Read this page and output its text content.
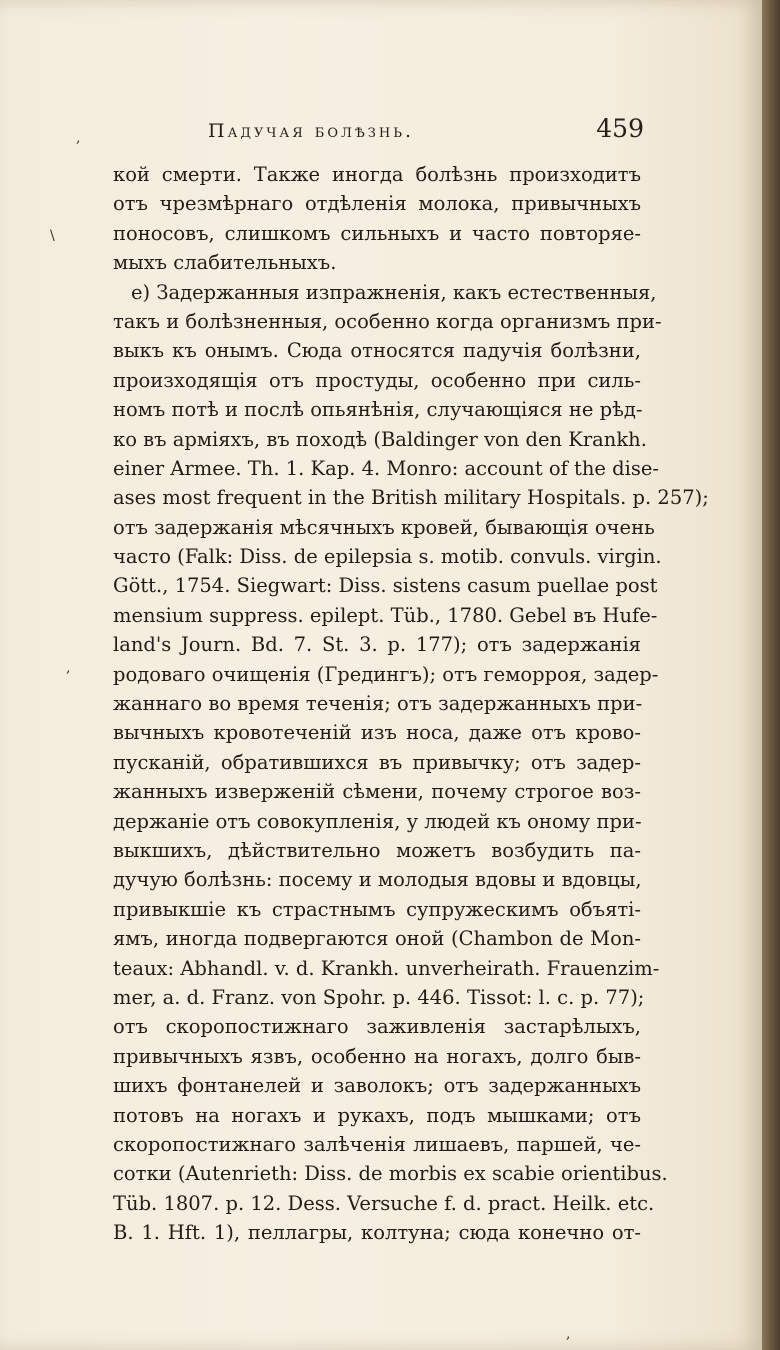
Падучая болѣзнь.	459
кой смерти. Также иногда болѣзнь произходитъ
отъ чрезмѣрнаго отдѣленія молока, привычныхъ
поносовъ, слишкомъ сильныхъ и часто повторяе-
мыхъ слабительныхъ.
e) Задержанныя изпражненія, какъ естественныя,
такъ и болѣзненныя, особенно когда организмъ при-
выкъ къ онымъ. Сюда относятся падучія болѣзни,
произходящія отъ простуды, особенно при силь-
номъ потѣ и послѣ опьянѣнія, случающіяся не рѣд-
ко въ арміяхъ, въ походѣ (Baldinger von den Krankh.
einer Armee. Th. 1. Kap. 4. Monro: account of the dise-
ases most frequent in the British military Hospitals. p. 257);
отъ задержанія мѣсячныхъ кровей, бывающія очень
часто (Falk: Diss. de epilepsia s. motib. convuls. virgin.
Gött., 1754. Siegwart: Diss. sistens casum puellae post
mensium suppress. epilept. Tüb., 1780. Gebel въ Hufe-
land's Journ. Bd. 7. St. 3. p. 177); отъ задержанія
родоваго очищенія (Гредингъ); отъ геморроя, задер-
жаннаго во время теченія; отъ задержанныхъ при-
вычныхъ кровотеченій изъ носа, даже отъ крово-
пусканій, обратившихся въ привычку; отъ задер-
жанныхъ изверженій сѣмени, почему строгое воз-
держаніе отъ совокупленія, у людей къ оному при-
выкшихъ, дѣйствительно можетъ возбудить па-
дучую болѣзнь: посему и молодыя вдовы и вдовцы,
привыкшіе къ страстнымъ супружескимъ объяті-
ямъ, иногда подвергаются оной (Chambon de Mon-
teaux: Abhandl. v. d. Krankh. unverheirath. Frauenzim-
mer, a. d. Franz. von Spohr. p. 446. Tissot: l. c. p. 77);
отъ скоропостижнаго заживленія застарѣлыхъ,
привычныхъ язвъ, особенно на ногахъ, долго быв-
шихъ фонтанелей и заволокъ; отъ задержанныхъ
потовъ на ногахъ и рукахъ, подъ мышками; отъ
скоропостижнаго залѣченія лишаевъ, паршей, че-
сотки (Autenrieth: Diss. de morbis ex scabie orientibus.
Tüb. 1807. p. 12. Dess. Versuche f. d. pract. Heilk. etc.
B. 1. Hft. 1), пеллагры, колтуна; сюда конечно от-
,
\
,
,
